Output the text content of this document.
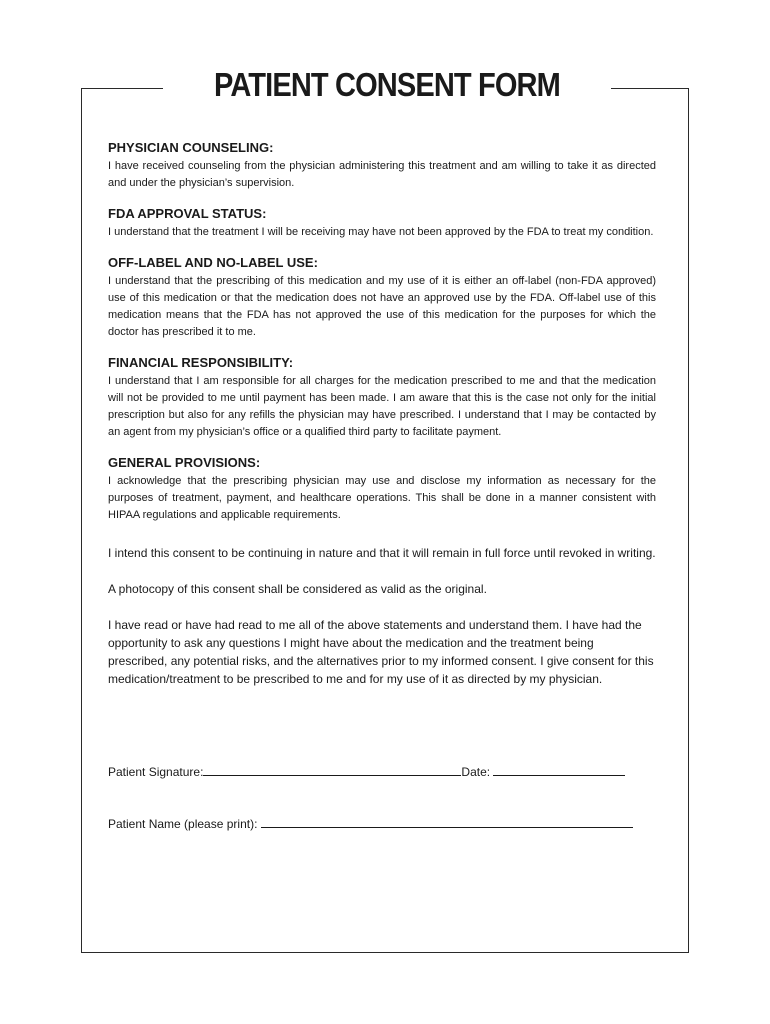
PATIENT CONSENT FORM

PHYSICIAN COUNSELING:

I have received counseling from the physician administering this treatment and am willing to take it as directed and under the physician’s supervision.

FDA APPROVAL STATUS:

I understand that the treatment I will be receiving may have not been approved by the FDA to treat my condition.

OFF-LABEL AND NO-LABEL USE:

I understand that the prescribing of this medication and my use of it is either an off-label (non-FDA approved) use of this medication or that the medication does not have an approved use by the FDA. Off-label use of this medication means that the FDA has not approved the use of this medication for the purposes for which the doctor has prescribed it to me.

FINANCIAL RESPONSIBILITY:

I understand that I am responsible for all charges for the medication prescribed to me and that the medication will not be provided to me until payment has been made. I am aware that this is the case not only for the initial prescription but also for any refills the physician may have prescribed. I understand that I may be contacted by an agent from my physician’s office or a qualified third party to facilitate payment.

GENERAL PROVISIONS:

I acknowledge that the prescribing physician may use and disclose my information as necessary for the purposes of treatment, payment, and healthcare operations. This shall be done in a manner consistent with HIPAA regulations and applicable requirements.

I intend this consent to be continuing in nature and that it will remain in full force until revoked in writing.

A photocopy of this consent shall be considered as valid as the original.

I have read or have had read to me all of the above statements and understand them. I have had the opportunity to ask any questions I might have about the medication and the treatment being prescribed, any potential risks, and the alternatives prior to my informed consent. I give consent for this medication/treatment to be prescribed to me and for my use of it as directed by my physician.

Patient Signature:	Date:
Patient Name (please print):
